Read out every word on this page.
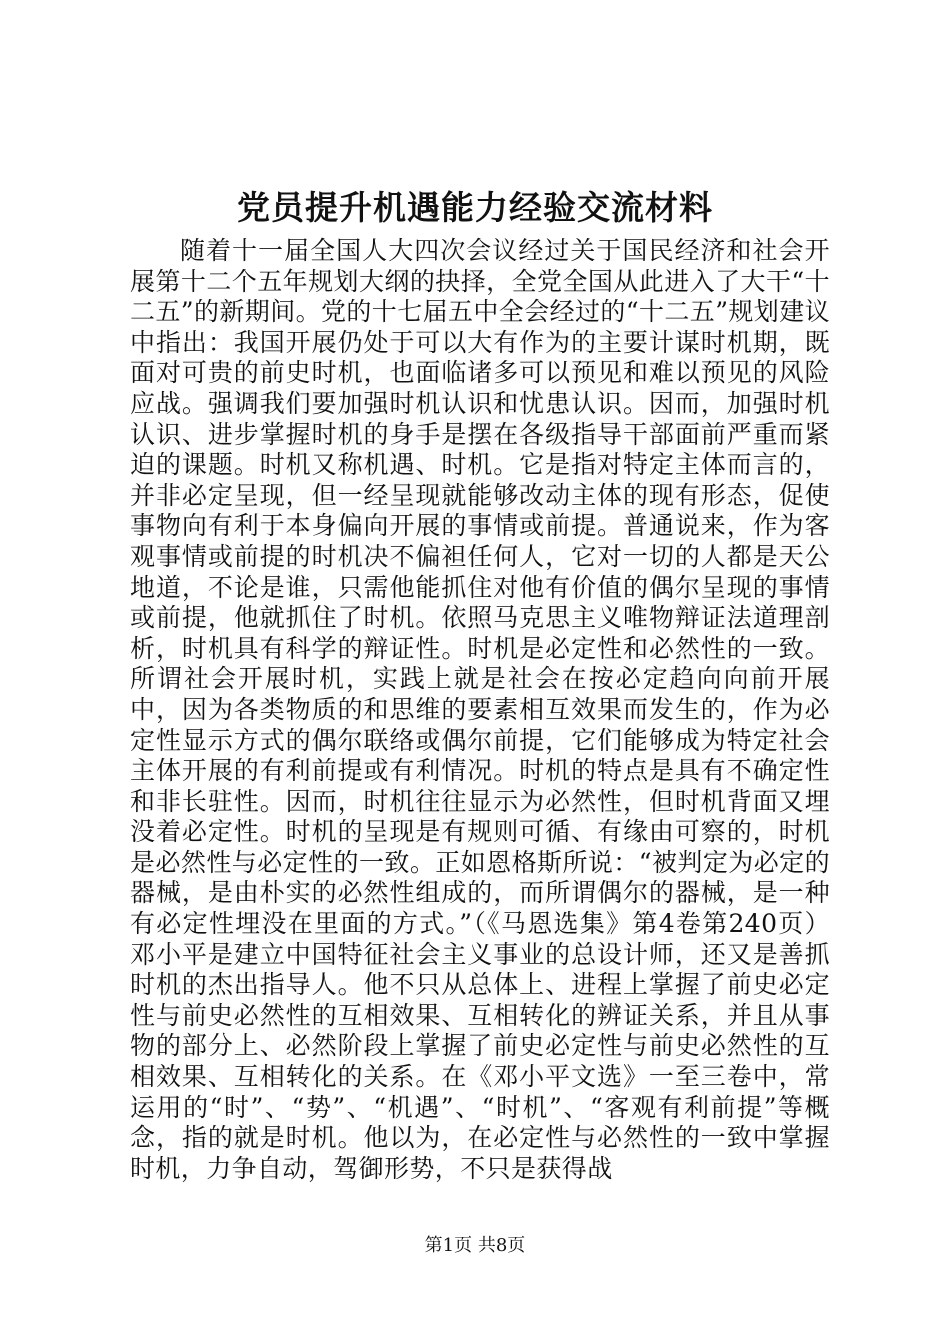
党员提升机遇能力经验交流材料

随着十一届全国人大四次会议经过关于国民经济和社会开展第十二个五年规划大纲的抉择，全党全国从此进入了大干“十二五”的新期间。党的十七届五中全会经过的“十二五”规划建议中指出：我国开展仍处于可以大有作为的主要计谋时机期，既面对可贵的前史时机，也面临诸多可以预见和难以预见的风险应战。强调我们要加强时机认识和忧患认识。因而，加强时机认识、进步掌握时机的身手是摆在各级指导干部面前严重而紧迫的课题。时机又称机遇、时机。它是指对特定主体而言的，并非必定呈现，但一经呈现就能够改动主体的现有形态，促使事物向有利于本身偏向开展的事情或前提。普通说来，作为客观事情或前提的时机决不偏袒任何人，它对一切的人都是天公地道，不论是谁，只需他能抓住对他有价值的偶尔呈现的事情或前提，他就抓住了时机。依照马克思主义唯物辩证法道理剖析，时机具有科学的辩证性。时机是必定性和必然性的一致。所谓社会开展时机，实践上就是社会在按必定趋向向前开展中，因为各类物质的和思维的要素相互效果而发生的，作为必定性显示方式的偶尔联络或偶尔前提，它们能够成为特定社会主体开展的有利前提或有利情况。时机的特点是具有不确定性和非长驻性。因而，时机往往显示为必然性，但时机背面又埋没着必定性。时机的呈现是有规则可循、有缘由可察的，时机是必然性与必定性的一致。正如恩格斯所说：“被判定为必定的器械，是由朴实的必然性组成的，而所谓偶尔的器械，是一种有必定性埋没在里面的方式。”（《马恩选集》第4卷第240页）邓小平是建立中国特征社会主义事业的总设计师，还又是善抓时机的杰出指导人。他不只从总体上、进程上掌握了前史必定性与前史必然性的互相效果、互相转化的辨证关系，并且从事物的部分上、必然阶段上掌握了前史必定性与前史必然性的互相效果、互相转化的关系。在《邓小平文选》一至三卷中，常运用的“时”、“势”、“机遇”、“时机”、“客观有利前提”等概念，指的就是时机。他以为，在必定性与必然性的一致中掌握时机，力争自动，驾御形势，不只是获得战

第1页 共8页
